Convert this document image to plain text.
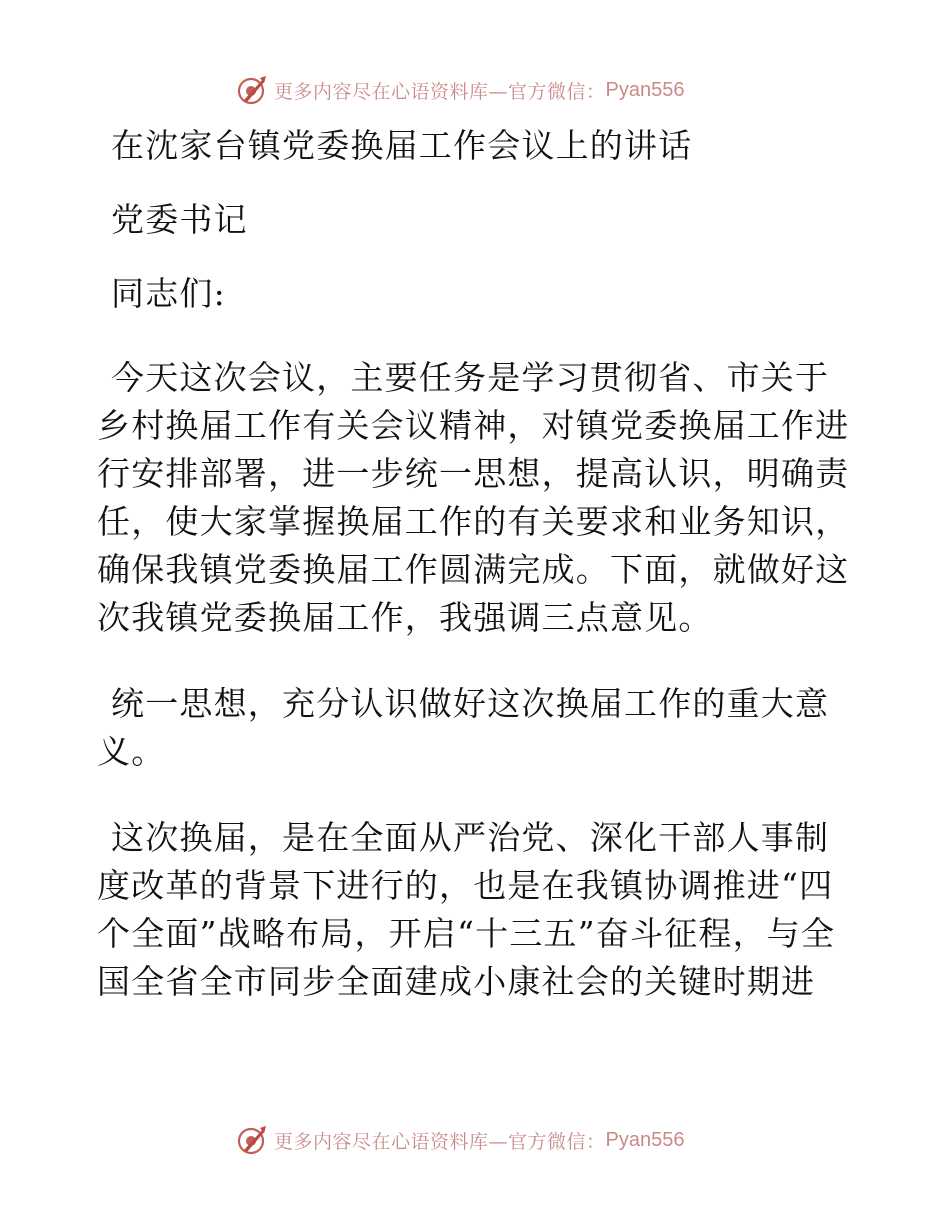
更多内容尽在心语资料库—官方微信： Pyan556

在沈家台镇党委换届工作会议上的讲话

党委书记

同志们:

今天这次会议，主要任务是学习贯彻省、市关于乡村换届工作有关会议精神，对镇党委换届工作进行安排部署，进一步统一思想，提高认识，明确责任，使大家掌握换届工作的有关要求和业务知识，确保我镇党委换届工作圆满完成。下面，就做好这次我镇党委换届工作，我强调三点意见。

统一思想，充分认识做好这次换届工作的重大意义。

这次换届，是在全面从严治党、深化干部人事制度改革的背景下进行的，也是在我镇协调推进“四个全面”战略布局，开启“十三五”奋斗征程，与全国全省全市同步全面建成小康社会的关键时期进

更多内容尽在心语资料库—官方微信： Pyan556
